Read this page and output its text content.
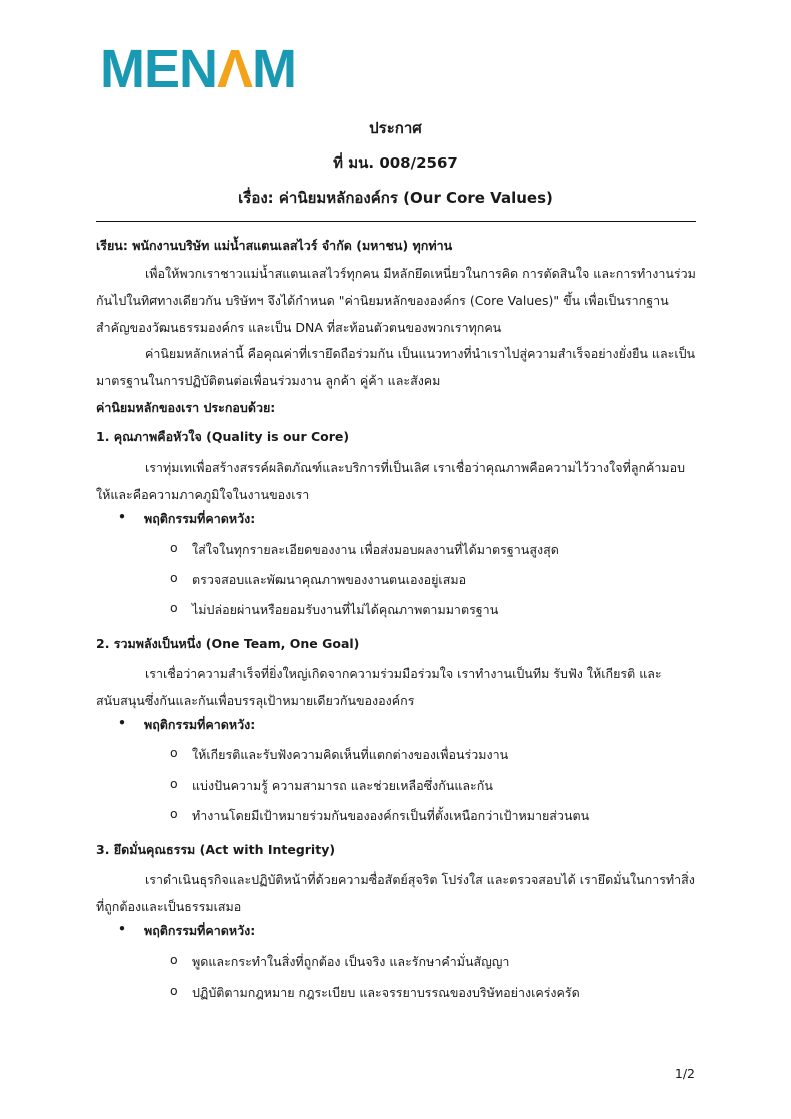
MENΛM
ประกาศ
ที่ มน. 008/2567
เรื่อง: ค่านิยมหลักองค์กร (Our Core Values)
เรียน: พนักงานบริษัท แม่น้ำสแตนเลสไวร์ จำกัด (มหาชน) ทุกท่าน
เพื่อให้พวกเราชาวแม่น้ำสแตนเลสไวร์ทุกคน มีหลักยึดเหนี่ยวในการคิด การตัดสินใจ และการทำงานร่วมกันไปในทิศทางเดียวกัน บริษัทฯ จึงได้กำหนด "ค่านิยมหลักขององค์กร (Core Values)" ขึ้น เพื่อเป็นรากฐานสำคัญของวัฒนธรรมองค์กร และเป็น DNA ที่สะท้อนตัวตนของพวกเราทุกคน
ค่านิยมหลักเหล่านี้ คือคุณค่าที่เรายึดถือร่วมกัน เป็นแนวทางที่นำเราไปสู่ความสำเร็จอย่างยั่งยืน และเป็นมาตรฐานในการปฏิบัติตนต่อเพื่อนร่วมงาน ลูกค้า คู่ค้า และสังคม
ค่านิยมหลักของเรา ประกอบด้วย:
1. คุณภาพคือหัวใจ (Quality is our Core)
เราทุ่มเทเพื่อสร้างสรรค์ผลิตภัณฑ์และบริการที่เป็นเลิศ เราเชื่อว่าคุณภาพคือความไว้วางใจที่ลูกค้ามอบให้และคือความภาคภูมิใจในงานของเรา
• พฤติกรรมที่คาดหวัง:
o ใส่ใจในทุกรายละเอียดของงาน เพื่อส่งมอบผลงานที่ได้มาตรฐานสูงสุด
o ตรวจสอบและพัฒนาคุณภาพของงานตนเองอยู่เสมอ
o ไม่ปล่อยผ่านหรือยอมรับงานที่ไม่ได้คุณภาพตามมาตรฐาน
2. รวมพลังเป็นหนึ่ง (One Team, One Goal)
เราเชื่อว่าความสำเร็จที่ยิ่งใหญ่เกิดจากความร่วมมือร่วมใจ เราทำงานเป็นทีม รับฟัง ให้เกียรติ และสนับสนุนซึ่งกันและกันเพื่อบรรลุเป้าหมายเดียวกันขององค์กร
• พฤติกรรมที่คาดหวัง:
o ให้เกียรติและรับฟังความคิดเห็นที่แตกต่างของเพื่อนร่วมงาน
o แบ่งปันความรู้ ความสามารถ และช่วยเหลือซึ่งกันและกัน
o ทำงานโดยมีเป้าหมายร่วมกันขององค์กรเป็นที่ตั้งเหนือกว่าเป้าหมายส่วนตน
3. ยึดมั่นคุณธรรม (Act with Integrity)
เราดำเนินธุรกิจและปฏิบัติหน้าที่ด้วยความซื่อสัตย์สุจริต โปร่งใส และตรวจสอบได้ เรายึดมั่นในการทำสิ่งที่ถูกต้องและเป็นธรรมเสมอ
• พฤติกรรมที่คาดหวัง:
o พูดและกระทำในสิ่งที่ถูกต้อง เป็นจริง และรักษาคำมั่นสัญญา
o ปฏิบัติตามกฎหมาย กฎระเบียบ และจรรยาบรรณของบริษัทอย่างเคร่งครัด
1/2
